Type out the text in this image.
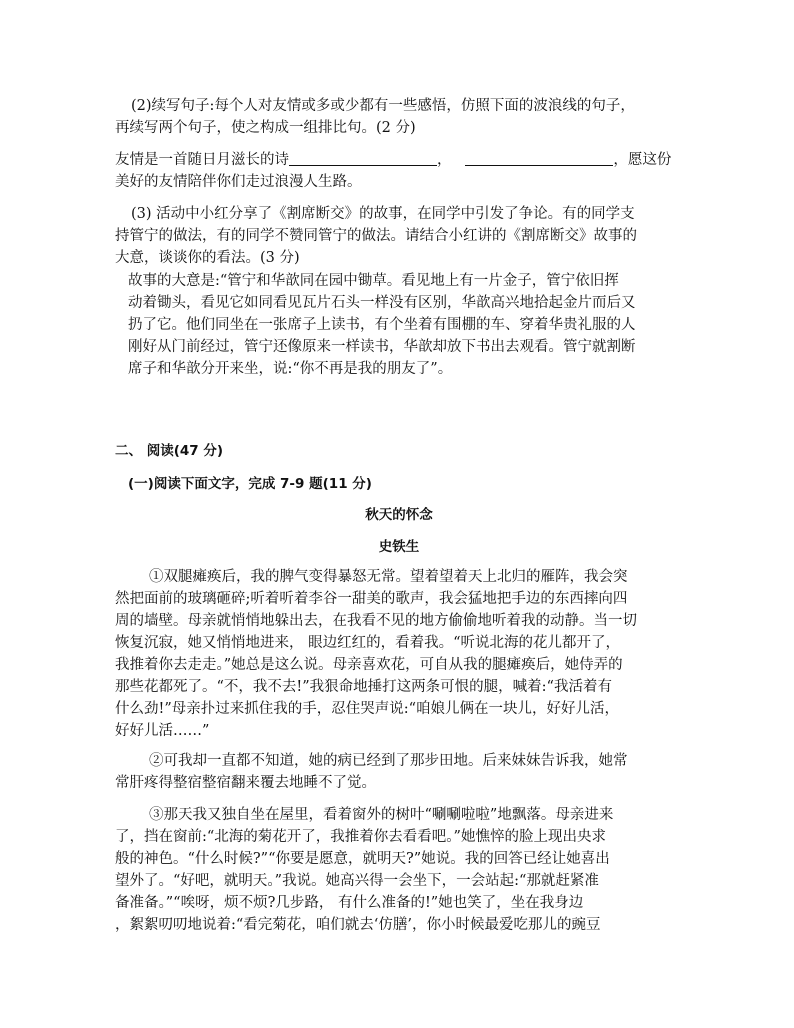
(2)续写句子:每个人对友情或多或少都有一些感悟，仿照下面的波浪线的句子，
再续写两个句子，使之构成一组排比句。(2 分)

友情是一首随日月滋长的诗	，	，愿这份
美好的友情陪伴你们走过浪漫人生路。

(3) 活动中小红分享了《割席断交》的故事，在同学中引发了争论。有的同学支
持管宁的做法，有的同学不赞同管宁的做法。请结合小红讲的《割席断交》故事的
大意，谈谈你的看法。(3 分)

故事的大意是:“管宁和华歆同在园中锄草。看见地上有一片金子，管宁依旧挥
动着锄头，看见它如同看见瓦片石头一样没有区别，华歆高兴地拾起金片而后又
扔了它。他们同坐在一张席子上读书，有个坐着有围棚的车、穿着华贵礼服的人
刚好从门前经过，管宁还像原来一样读书，华歆却放下书出去观看。管宁就割断
席子和华歆分开来坐，说:“你不再是我的朋友了”。

二、 阅读(47 分)

(一)阅读下面文字，完成 7-9 题(11 分)

秋天的怀念

史铁生

①双腿瘫痪后，我的脾气变得暴怒无常。望着望着天上北归的雁阵，我会突
然把面前的玻璃砸碎;听着听着李谷一甜美的歌声，我会猛地把手边的东西摔向四
周的墙壁。母亲就悄悄地躲出去，在我看不见的地方偷偷地听着我的动静。当一切
恢复沉寂，她又悄悄地进来， 眼边红红的，看着我。“听说北海的花儿都开了，
我推着你去走走。”她总是这么说。母亲喜欢花，可自从我的腿瘫痪后，她侍弄的
那些花都死了。“不，我不去!”我狠命地捶打这两条可恨的腿，喊着:“我活着有
什么劲!”母亲扑过来抓住我的手，忍住哭声说:“咱娘儿俩在一块儿，好好儿活，
好好儿活……”

②可我却一直都不知道，她的病已经到了那步田地。后来妹妹告诉我，她常
常肝疼得整宿整宿翻来覆去地睡不了觉。

③那天我又独自坐在屋里，看着窗外的树叶“唰唰啦啦”地飘落。母亲进来
了，挡在窗前:“北海的菊花开了，我推着你去看看吧。”她憔悴的脸上现出央求
般的神色。“什么时候?”“你要是愿意，就明天?”她说。我的回答已经让她喜出
望外了。“好吧，就明天。”我说。她高兴得一会坐下，一会站起:“那就赶紧准
备准备。”“唉呀，烦不烦?几步路， 有什么准备的!”她也笑了，坐在我身边
，絮絮叨叨地说着:“看完菊花，咱们就去‘仿膳’，你小时候最爱吃那儿的豌豆
